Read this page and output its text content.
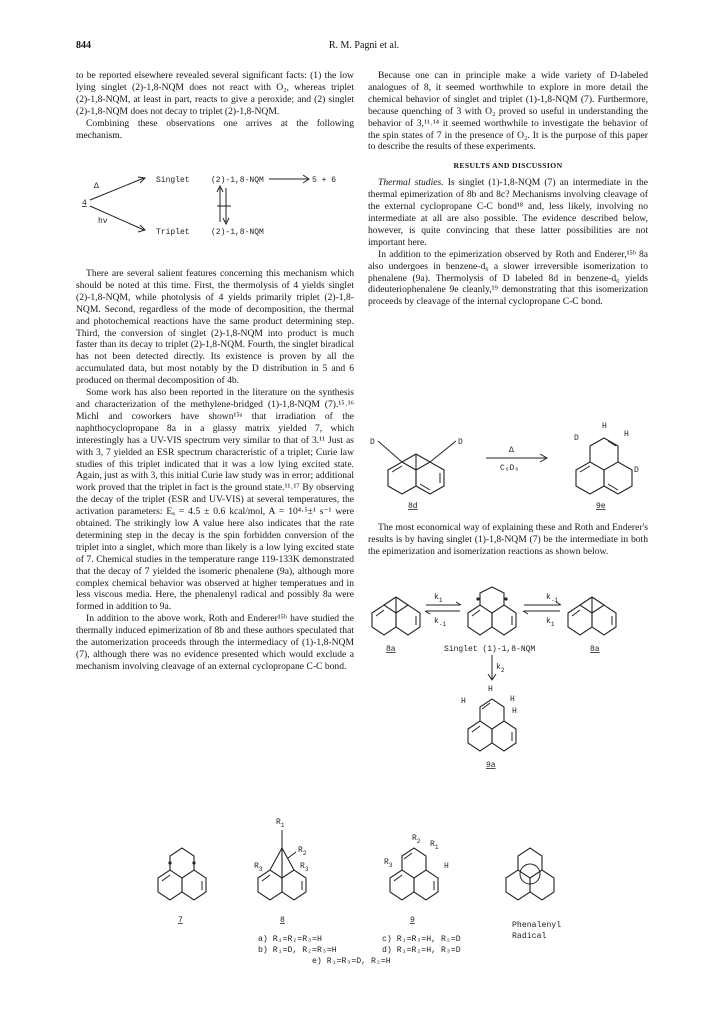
844	R. M. Pagni et al.

to be reported elsewhere revealed several significant facts: (1) the low lying singlet (2)-1,8-NQM does not react with O₂, whereas triplet (2)-1,8-NQM, at least in part, reacts to give a peroxide; and (2) singlet (2)-1,8-NQM does not decay to triplet (2)-1,8-NQM.

Combining these observations one arrives at the following mechanism.

Δ
4
hv
Singlet	(2)-1,8-NQM	5 + 6
Triplet	(2)-1,8-NQM

There are several salient features concerning this mechanism which should be noted at this time. First, the thermolysis of 4 yields singlet (2)-1,8-NQM, while photolysis of 4 yields primarily triplet (2)-1,8-NQM. Second, regardless of the mode of decomposition, the thermal and photochemical reactions have the same product determining step. Third, the conversion of singlet (2)-1,8-NQM into product is much faster than its decay to triplet (2)-1,8-NQM. Fourth, the singlet biradical has not been detected directly. Its existence is proven by all the accumulated data, but most notably by the D distribution in 5 and 6 produced on thermal decomposition of 4b.

Some work has also been reported in the literature on the synthesis and characterization of the methylene-bridged (1)-1,8-NQM (7).¹⁵˒¹⁶ Michl and coworkers have shown¹⁵ᵃ that irradiation of the naphthocyclopropane 8a in a glassy matrix yielded 7, which interestingly has a UV-VIS spectrum very similar to that of 3.¹¹ Just as with 3, 7 yielded an ESR spectrum characteristic of a triplet; Curie law studies of this triplet indicated that it was a low lying excited state. Again, just as with 3, this initial Curie law study was in error; additional work proved that the triplet in fact is the ground state.¹¹˒¹⁷ By observing the decay of the triplet (ESR and UV-VIS) at several temperatures, the activation parameters: Eₐ = 4.5 ± 0.6 kcal/mol, A = 10⁴·⁵±¹ s⁻¹ were obtained. The strikingly low A value here also indicates that the rate determining step in the decay is the spin forbidden conversion of the triplet into a singlet, which more than likely is a low lying excited state of 7. Chemical studies in the temperature range 119-133K demonstrated that the decay of 7 yielded the isomeric phenalene (9a), although more complex chemical behavior was observed at higher temperatues and in less viscous media. Here, the phenalenyl radical and possibly 8a were formed in addition to 9a.

In addition to the above work, Roth and Enderer¹⁵ᵇ have studied the thermally induced epimerization of 8b and these authors speculated that the automerization proceeds through the intermediacy of (1)-1,8-NQM (7), although there was no evidence presented which would exclude a mechanism involving cleavage of an external cyclopropane C-C bond.

Because one can in principle make a wide variety of D-labeled analogues of 8, it seemed worthwhile to explore in more detail the chemical behavior of singlet and triplet (1)-1,8-NQM (7). Furthermore, because quenching of 3 with O₂ proved so useful in understanding the behavior of 3,¹¹˒¹⁴ it seemed worthwhile to investigate the behavior of the spin states of 7 in the presence of O₂. It is the purpose of this paper to describe the results of these experiments.

RESULTS AND DISCUSSION

Thermal studies. Is singlet (1)-1,8-NQM (7) an intermediate in the thermal epimerization of 8b and 8c? Mechanisms involving cleavage of the external cyclopropane C-C bond¹⁸ and, less likely, involving no intermediate at all are also possible. The evidence described below, however, is quite convincing that these latter possibilities are not important here.

In addition to the epimerization observed by Roth and Enderer,¹⁵ᵇ 8a also undergoes in benzene-d₆ a slower irreversible isomerization to phenalene (9a). Thermolysis of D labeled 8d in benzene-d₆ yields dideuteriophenalene 9e cleanly,¹⁹ demonstrating that this isomerization proceeds by cleavage of the internal cyclopropane C-C bond.

D	D
8d
Δ
C₆D₆
D
D
H
H
9e

The most economical way of explaining these and Roth and Enderer's results is by having singlet (1)-1,8-NQM (7) be the intermediate in both the epimerization and isomerization reactions as shown below.

8a
$k_1$
$k_{-1}$
Singlet (1)-1,8-NQM
$k_{-1}$
$k_1$
8a
$k_2$
H
H	H
H
9a
7
$R_1$
$R_2$
$R_3$	$R_3$
8
$R_2$ $R_1$
$R_3$	H
9
Phenalenyl
Radical
a) R₁=R₂=R₃=H
b) R₁=D, R₂=R₃=H
c) R₁=R₃=H, R₂=D
d) R₁=R₂=H, R₃=D
e) R₁=R₃=D, R₂=H
